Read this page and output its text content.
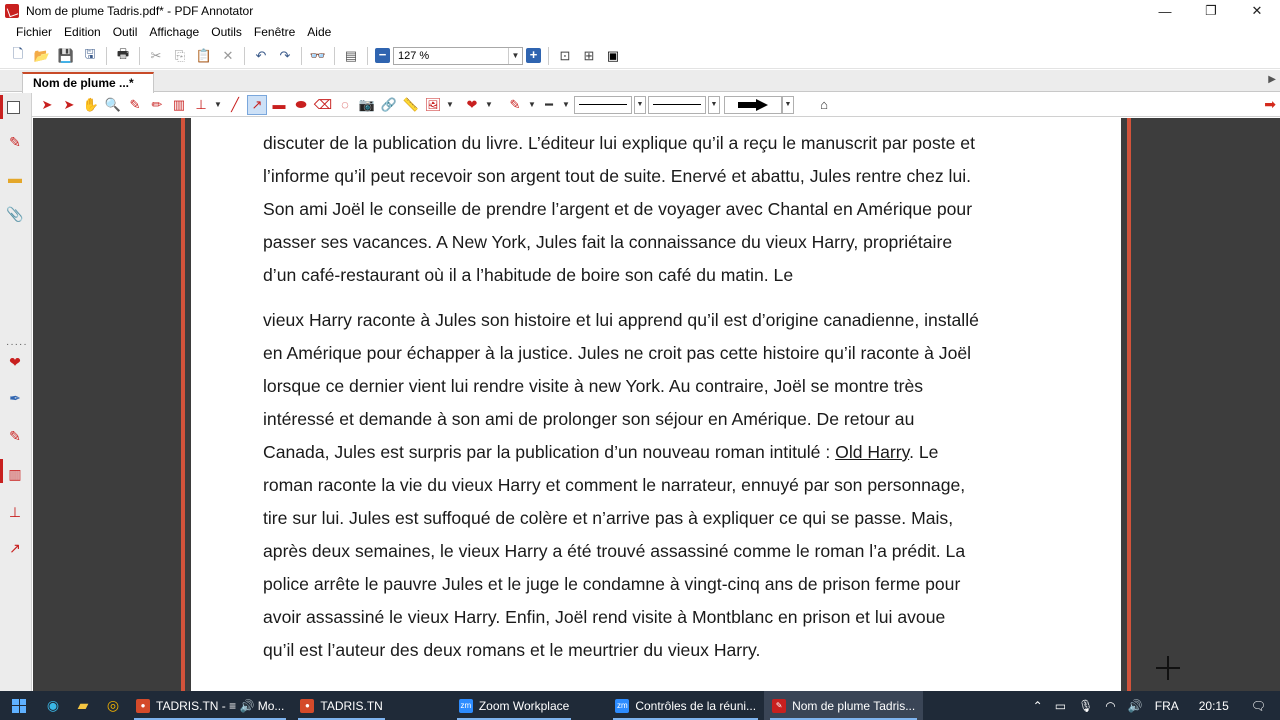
Nom de plume Tadris.pdf* - PDF Annotator	—	❐	✕
Fichier	Edition	Outil	Affichage	Outils	Fenêtre	Aide
🗋 📂 💾 🖫	🖶	✂	⎘ 📋 ✕	↶	↷	👓 ▤ −	127 %	▼ +	⊡	⊞ ▣
Nom de plume ...*	▶
✎
▬
📎
·····
❤
✒
✎
▥
⊥
↗
➤ ➤ ✋ 🔍 ✎ ✏ ▥ ⊥ ▼ ╱ ↗ ▬ ⬬ ⌫ ◌ 📷 🔗 📏 🖼 ▼ ❤ ▼	✎ ▼ ━	▼	▼	▼	▼	⌂	➡
discuter de la publication du livre. L’éditeur lui explique qu’il a reçu le manuscrit par poste et
l’informe qu’il peut recevoir son argent tout de suite. Enervé et abattu, Jules rentre chez lui.
Son ami Joël le conseille de prendre l’argent et de voyager avec Chantal en Amérique pour
passer ses vacances. A New York, Jules fait la connaissance du vieux Harry, propriétaire
d’un café-restaurant où il a l’habitude de boire son café du matin. Le
vieux Harry raconte à Jules son histoire et lui apprend qu’il est d’origine canadienne, installé
en Amérique pour échapper à la justice. Jules ne croit pas cette histoire qu’il raconte à Joël
lorsque ce dernier vient lui rendre visite à new York. Au contraire, Joël se montre très
intéressé et demande à son ami de prolonger son séjour en Amérique. De retour au
Canada, Jules est surpris par la publication d’un nouveau roman intitulé : Old Harry. Le
roman raconte la vie du vieux Harry et comment le narrateur, ennuyé par son personnage,
tire sur lui. Jules est suffoqué de colère et n’arrive pas à expliquer ce qui se passe. Mais,
après deux semaines, le vieux Harry a été trouvé assassiné comme le roman l’a prédit. La
police arrête le pauvre Jules et le juge le condamne à vingt-cinq ans de prison ferme pour
avoir assassiné le vieux Harry. Enfin, Joël rend visite à Montblanc en prison et lui avoue
qu’il est l’auteur des deux romans et le meurtrier du vieux Harry.
◉	▰	◎	● TADRIS.TN - ≡ 🔊 Mo...	● TADRIS.TN	zm Zoom Workplace	zm Contrôles de la réuni...	✎ Nom de plume Tadris...	⌃ ▭ 🎙 ◠ 🔊 FRA 20:15 🗨
